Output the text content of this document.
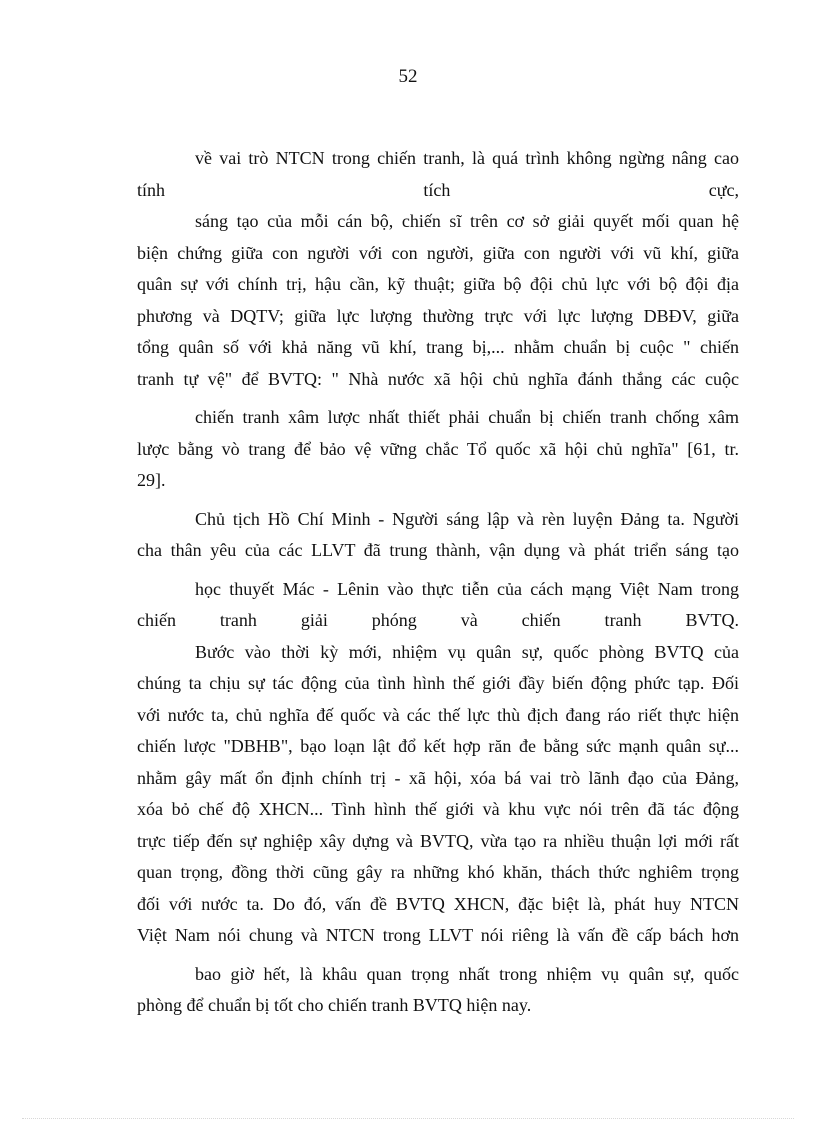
52
về vai trò NTCN trong chiến tranh, là quá trình không ngừng nâng cao
tính tích cực,
sáng tạo của mỗi cán bộ, chiến sĩ trên cơ sở giải quyết mối quan hệ
biện chứng giữa con người với con người, giữa con người với vũ khí, giữa
quân sự với chính trị, hậu cần, kỹ thuật; giữa bộ đội chủ lực với bộ đội địa
phương và DQTV; giữa lực lượng thường trực với lực lượng DBĐV, giữa
tổng quân số với khả năng vũ khí, trang bị,... nhằm chuẩn bị cuộc " chiến
tranh tự vệ" để BVTQ: " Nhà nước xã hội chủ nghĩa đánh thắng các cuộc
chiến tranh xâm lược nhất thiết phải chuẩn bị chiến tranh chống xâm
lược bằng vò trang để bảo vệ vững chắc Tổ quốc xã hội chủ nghĩa" [61, tr.
29].
Chủ tịch Hồ Chí Minh - Người sáng lập và rèn luyện Đảng ta. Người
cha thân yêu của các LLVT đã trung thành, vận dụng và phát triển sáng tạo
học thuyết Mác - Lênin vào thực tiễn của cách mạng Việt Nam trong
chiến tranh giải phóng và chiến tranh BVTQ.
Bước vào thời kỳ mới, nhiệm vụ quân sự, quốc phòng BVTQ của
chúng ta chịu sự tác động của tình hình thế giới đầy biến động phức tạp. Đối
với nước ta, chủ nghĩa đế quốc và các thế lực thù địch đang ráo riết thực hiện
chiến lược "DBHB", bạo loạn lật đổ kết hợp răn đe bằng sức mạnh quân sự...
nhằm gây mất ổn định chính trị - xã hội, xóa bá vai trò lãnh đạo của Đảng,
xóa bỏ chế độ XHCN... Tình hình thế giới và khu vực nói trên đã tác động
trực tiếp đến sự nghiệp xây dựng và BVTQ, vừa tạo ra nhiều thuận lợi mới rất
quan trọng, đồng thời cũng gây ra những khó khăn, thách thức nghiêm trọng
đối với nước ta. Do đó, vấn đề BVTQ XHCN, đặc biệt là, phát huy NTCN
Việt Nam nói chung và NTCN trong LLVT nói riêng là vấn đề cấp bách hơn
bao giờ hết, là khâu quan trọng nhất trong nhiệm vụ quân sự, quốc
phòng để chuẩn bị tốt cho chiến tranh BVTQ hiện nay.
